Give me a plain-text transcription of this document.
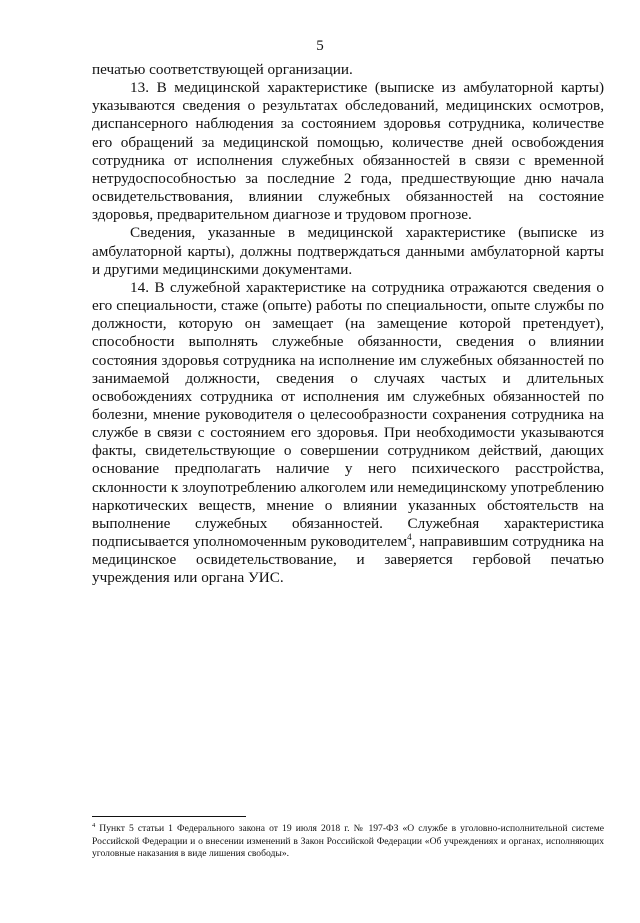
5

печатью соответствующей организации.

13. В медицинской характеристике (выписке из амбулаторной карты) указываются сведения о результатах обследований, медицинских осмотров, диспансерного наблюдения за состоянием здоровья сотрудника, количестве его обращений за медицинской помощью, количестве дней освобождения сотрудника от исполнения служебных обязанностей в связи с временной нетрудоспособностью за последние 2 года, предшествующие дню начала освидетельствования, влиянии служебных обязанностей на состояние здоровья, предварительном диагнозе и трудовом прогнозе.

Сведения, указанные в медицинской характеристике (выписке из амбулаторной карты), должны подтверждаться данными амбулаторной карты и другими медицинскими документами.

14. В служебной характеристике на сотрудника отражаются сведения о его специальности, стаже (опыте) работы по специальности, опыте службы по должности, которую он замещает (на замещение которой претендует), способности выполнять служебные обязанности, сведения о влиянии состояния здоровья сотрудника на исполнение им служебных обязанностей по занимаемой должности, сведения о случаях частых и длительных освобождениях сотрудника от исполнения им служебных обязанностей по болезни, мнение руководителя о целесообразности сохранения сотрудника на службе в связи с состоянием его здоровья. При необходимости указываются факты, свидетельствующие о совершении сотрудником действий, дающих основание предполагать наличие у него психического расстройства, склонности к злоупотреблению алкоголем или немедицинскому употреблению наркотических веществ, мнение о влиянии указанных обстоятельств на выполнение служебных обязанностей. Служебная характеристика подписывается уполномоченным руководителем$^4$, направившим сотрудника на медицинское освидетельствование, и заверяется гербовой печатью учреждения или органа УИС.

$^4$ Пункт 5 статьи 1 Федерального закона от 19 июля 2018 г. № 197-ФЗ «О службе в уголовно-исполнительной системе Российской Федерации и о внесении изменений в Закон Российской Федерации «Об учреждениях и органах, исполняющих уголовные наказания в виде лишения свободы».
